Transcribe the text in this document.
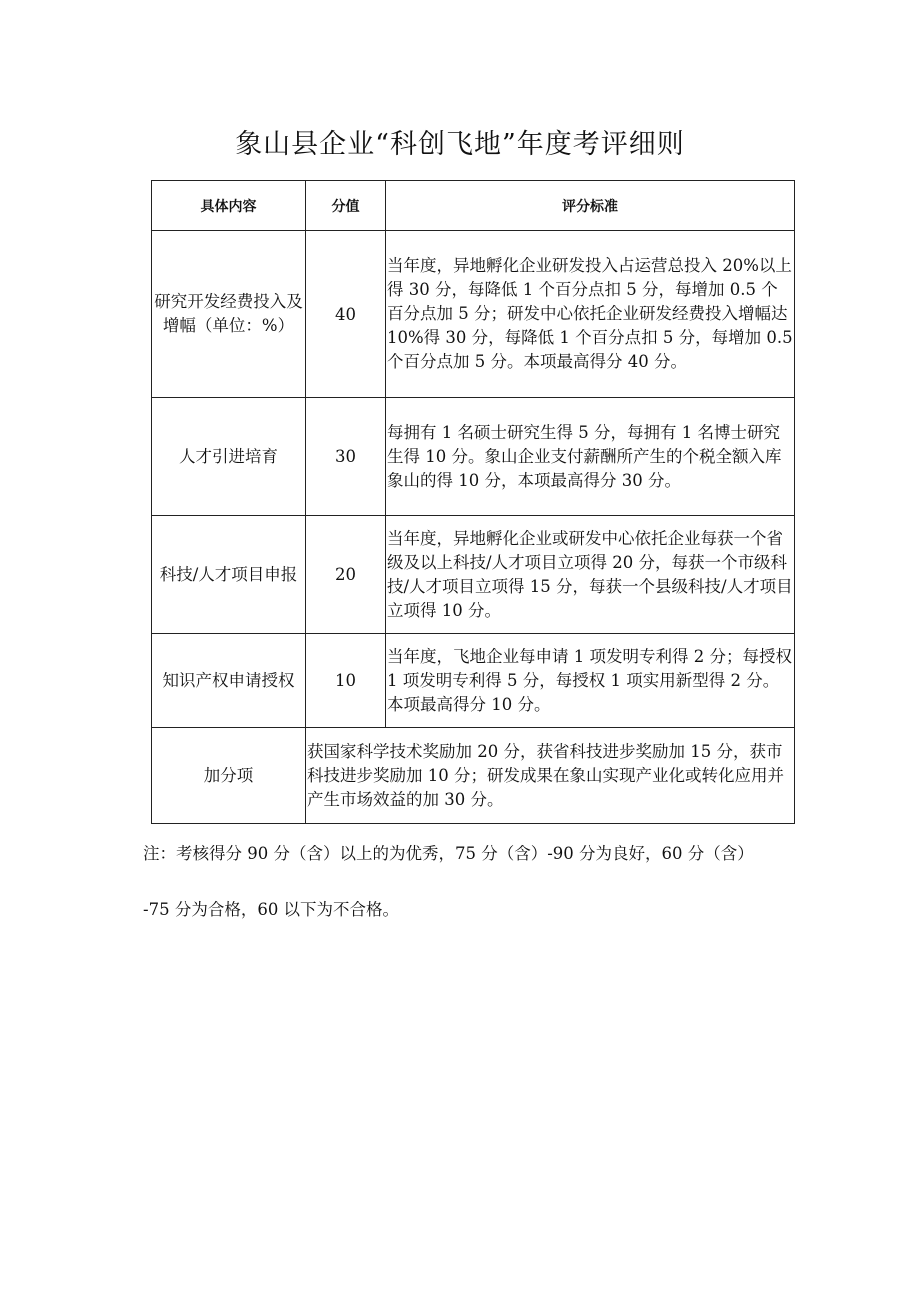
象山县企业“科创飞地”年度考评细则
具体内容	分值	评分标准
研究开发经费投入及增幅（单位：%）	40	当年度，异地孵化企业研发投入占运营总投入 20%以上得 30 分，每降低 1 个百分点扣 5 分，每增加 0.5 个百分点加 5 分；研发中心依托企业研发经费投入增幅达 10%得 30 分，每降低 1 个百分点扣 5 分，每增加 0.5 个百分点加 5 分。本项最高得分 40 分。

人才引进培育	30	每拥有 1 名硕士研究生得 5 分，每拥有 1 名博士研究生得 10 分。象山企业支付薪酬所产生的个税全额入库象山的得 10 分，本项最高得分 30 分。

科技/人才项目申报	20	当年度，异地孵化企业或研发中心依托企业每获一个省级及以上科技/人才项目立项得 20 分，每获一个市级科技/人才项目立项得 15 分，每获一个县级科技/人才项目立项得 10 分。

知识产权申请授权	10	当年度，飞地企业每申请 1 项发明专利得 2 分；每授权 1 项发明专利得 5 分，每授权 1 项实用新型得 2 分。本项最高得分 10 分。

加分项	获国家科学技术奖励加 20 分，获省科技进步奖励加 15 分，获市科技进步奖励加 10 分；研发成果在象山实现产业化或转化应用并产生市场效益的加 30 分。	
注：考核得分 90 分（含）以上的为优秀，75 分（含）-90 分为良好，60 分（含）
-75 分为合格，60 以下为不合格。
